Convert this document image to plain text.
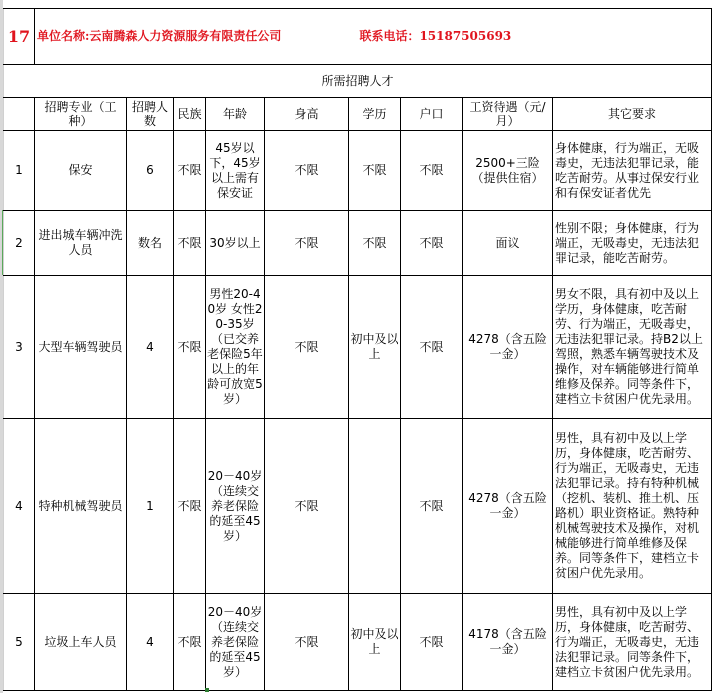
17	单位名称:云南腾森人力资源服务有限责任公司 联系电话：15187505693								
所需招聘人才									
	招聘专业（工种）	招聘人数	民族	年龄	身高	学历	户口	工资待遇（元/月）	其它要求
1	保安	6	不限	45岁以下，45岁以上需有保安证	不限	不限	不限	2500+三险（提供住宿）	身体健康，行为端正，无吸毒史，无违法犯罪记录，能吃苦耐劳。从事过保安行业和有保安证者优先
2	进出城车辆冲洗人员	数名	不限	30岁以上	不限	不限	不限	面议	性别不限；身体健康，行为端正，无吸毒史，无违法犯罪记录，能吃苦耐劳。
3	大型车辆驾驶员	4	不限	男性20-40岁 女性20-35岁（已交养老保险5年以上的年龄可放宽5岁）	不限	初中及以上	不限	4278（含五险一金）	男女不限，具有初中及以上学历，身体健康，吃苦耐劳、行为端正，无吸毒史，无违法犯罪记录。持B2以上驾照，熟悉车辆驾驶技术及操作，对车辆能够进行简单维修及保养。同等条件下，建档立卡贫困户优先录用。
4	特种机械驾驶员	1	不限	20－40岁（连续交养老保险的延至45岁）	不限		不限	4278（含五险一金）	男性，具有初中及以上学历，身体健康，吃苦耐劳、行为端正，无吸毒史，无违法犯罪记录。持有特种机械（挖机、装机、推土机、压路机）职业资格证。熟特种机械驾驶技术及操作，对机械能够进行简单维修及保养。同等条件下，建档立卡贫困户优先录用。
5	垃圾上车人员	4	不限	20－40岁（连续交养老保险的延至45岁）	不限	初中及以上	不限	4178（含五险一金）	男性，具有初中及以上学历，身体健康，吃苦耐劳、行为端正，无吸毒史，无违法犯罪记录。同等条件下，建档立卡贫困户优先录用。
